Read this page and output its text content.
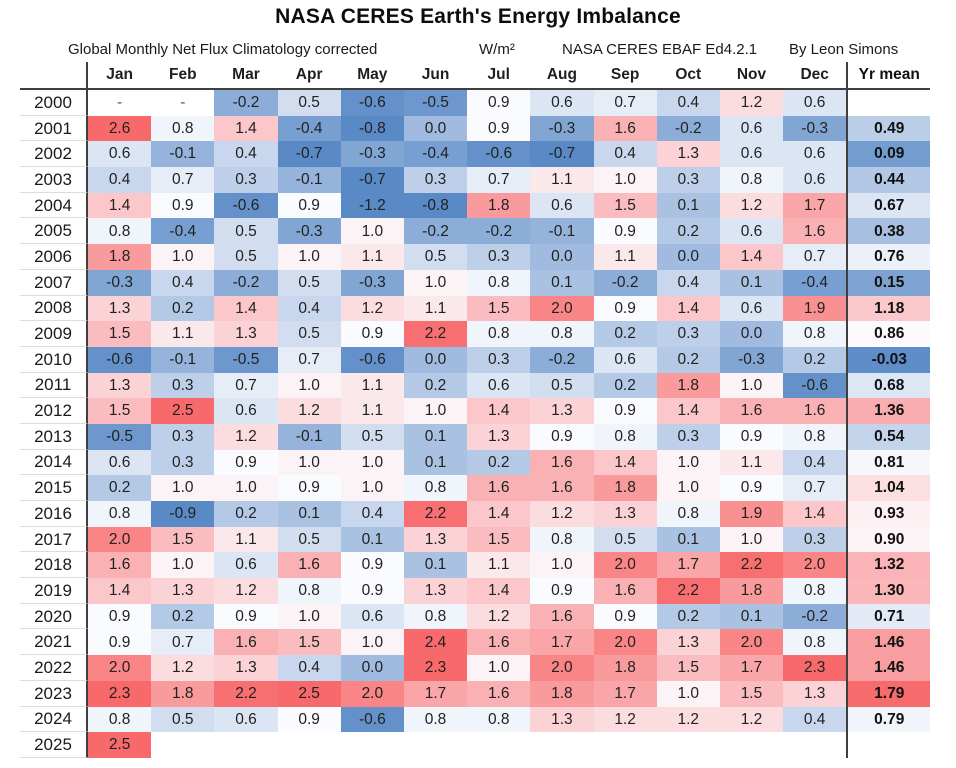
NASA CERES Earth's Energy Imbalance
Global Monthly Net Flux Climatology corrected	W/m²	NASA CERES EBAF Ed4.2.1 By Leon Simons
Jan	Feb	Mar	Apr	May	Jun	Jul	Aug	Sep	Oct	Nov	Dec	Yr mean
2000	-	-	-0.2	0.5	-0.6	-0.5	0.9	0.6	0.7	0.4	1.2	0.6
2001	2.6	0.8	1.4	-0.4	-0.8	0.0	0.9	-0.3	1.6	-0.2	0.6	-0.3	0.49
2002	0.6	-0.1	0.4	-0.7	-0.3	-0.4	-0.6	-0.7	0.4	1.3	0.6	0.6	0.09
2003	0.4	0.7	0.3	-0.1	-0.7	0.3	0.7	1.1	1.0	0.3	0.8	0.6	0.44
2004	1.4	0.9	-0.6	0.9	-1.2	-0.8	1.8	0.6	1.5	0.1	1.2	1.7	0.67
2005	0.8	-0.4	0.5	-0.3	1.0	-0.2	-0.2	-0.1	0.9	0.2	0.6	1.6	0.38
2006	1.8	1.0	0.5	1.0	1.1	0.5	0.3	0.0	1.1	0.0	1.4	0.7	0.76
2007	-0.3	0.4	-0.2	0.5	-0.3	1.0	0.8	0.1	-0.2	0.4	0.1	-0.4	0.15
2008	1.3	0.2	1.4	0.4	1.2	1.1	1.5	2.0	0.9	1.4	0.6	1.9	1.18
2009	1.5	1.1	1.3	0.5	0.9	2.2	0.8	0.8	0.2	0.3	0.0	0.8	0.86
2010	-0.6	-0.1	-0.5	0.7	-0.6	0.0	0.3	-0.2	0.6	0.2	-0.3	0.2	-0.03
2011	1.3	0.3	0.7	1.0	1.1	0.2	0.6	0.5	0.2	1.8	1.0	-0.6	0.68
2012	1.5	2.5	0.6	1.2	1.1	1.0	1.4	1.3	0.9	1.4	1.6	1.6	1.36
2013	-0.5	0.3	1.2	-0.1	0.5	0.1	1.3	0.9	0.8	0.3	0.9	0.8	0.54
2014	0.6	0.3	0.9	1.0	1.0	0.1	0.2	1.6	1.4	1.0	1.1	0.4	0.81
2015	0.2	1.0	1.0	0.9	1.0	0.8	1.6	1.6	1.8	1.0	0.9	0.7	1.04
2016	0.8	-0.9	0.2	0.1	0.4	2.2	1.4	1.2	1.3	0.8	1.9	1.4	0.93
2017	2.0	1.5	1.1	0.5	0.1	1.3	1.5	0.8	0.5	0.1	1.0	0.3	0.90
2018	1.6	1.0	0.6	1.6	0.9	0.1	1.1	1.0	2.0	1.7	2.2	2.0	1.32
2019	1.4	1.3	1.2	0.8	0.9	1.3	1.4	0.9	1.6	2.2	1.8	0.8	1.30
2020	0.9	0.2	0.9	1.0	0.6	0.8	1.2	1.6	0.9	0.2	0.1	-0.2	0.71
2021	0.9	0.7	1.6	1.5	1.0	2.4	1.6	1.7	2.0	1.3	2.0	0.8	1.46
2022	2.0	1.2	1.3	0.4	0.0	2.3	1.0	2.0	1.8	1.5	1.7	2.3	1.46
2023	2.3	1.8	2.2	2.5	2.0	1.7	1.6	1.8	1.7	1.0	1.5	1.3	1.79
2024	0.8	0.5	0.6	0.9	-0.6	0.8	0.8	1.3	1.2	1.2	1.2	0.4	0.79
2025	2.5
